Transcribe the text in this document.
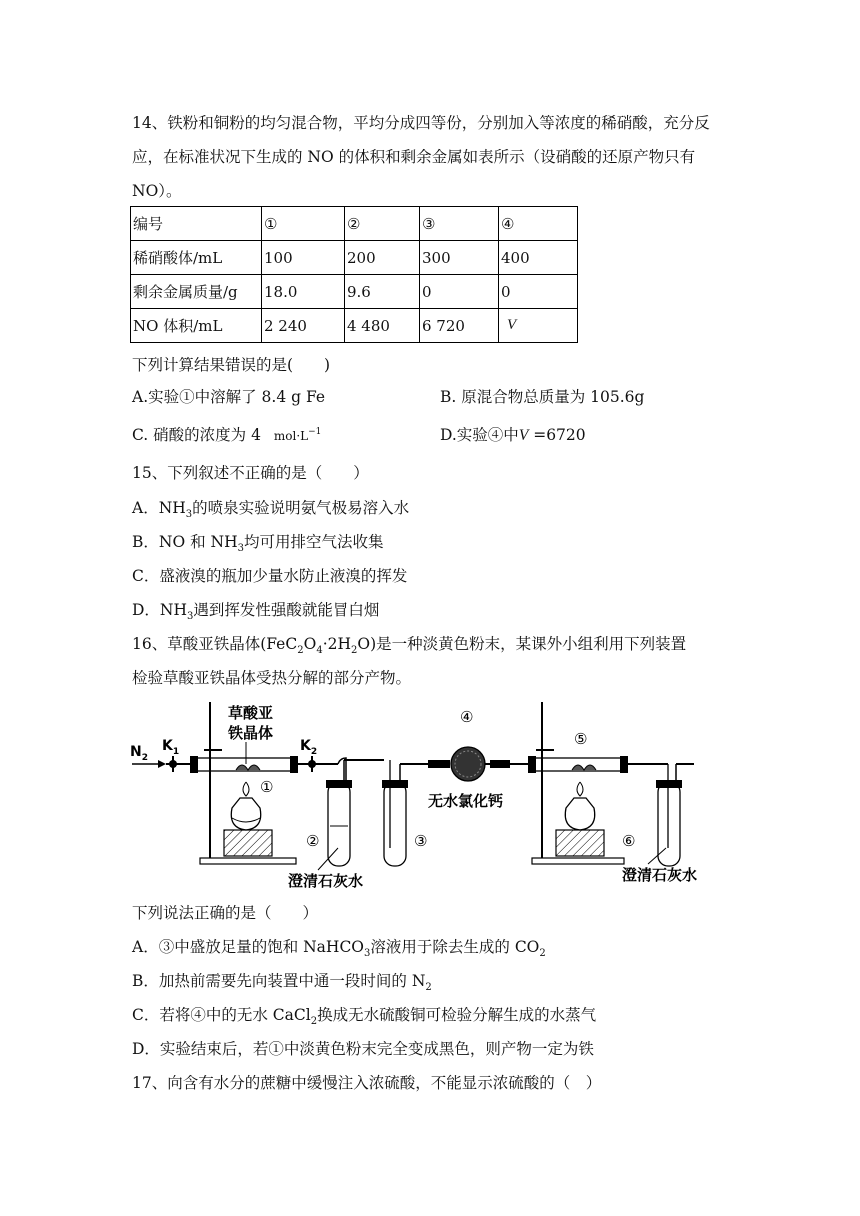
14、铁粉和铜粉的均匀混合物，平均分成四等份，分别加入等浓度的稀硝酸，充分反应，在标准状况下生成的 NO 的体积和剩余金属如表所示（设硝酸的还原产物只有 NO）。
编号	①	②	③	④
稀硝酸体/mL	100	200	300	400
剩余金属质量/g	18.0	9.6	0	0
NO 体积/mL	2 240	4 480	6 720	V
下列计算结果错误的是(　　)
A.实验①中溶解了 8.4 g Fe	B. 原混合物总质量为 105.6g
C. 硝酸的浓度为 4 $mol\cdot L^{-1}$	D.实验④中V =6720
15、下列叙述不正确的是（　　）
A．$NH_3$的喷泉实验说明氨气极易溶入水
B．NO 和 $NH_3$均可用排空气法收集
C．盛液溴的瓶加少量水防止液溴的挥发
D．$NH_3$遇到挥发性强酸就能冒白烟
16、草酸亚铁晶体$(FeC_2O_4\cdot 2H_2O)$是一种淡黄色粉末，某课外小组利用下列装置
检验草酸亚铁晶体受热分解的部分产物。
$N_2$
$K_1$
草酸亚
铁晶体
①
$K_2$
②	③
④
无水氯化钙
⑤
⑥
澄清石灰水	澄清石灰水
下列说法正确的是（　　）
A．③中盛放足量的饱和 NaHCO$_3$溶液用于除去生成的 $CO_2$
B．加热前需要先向装置中通一段时间的 $N_2$
C．若将④中的无水 CaCl$_2$换成无水硫酸铜可检验分解生成的水蒸气
D．实验结束后，若①中淡黄色粉末完全变成黑色，则产物一定为铁
17、向含有水分的蔗糖中缓慢注入浓硫酸，不能显示浓硫酸的（　）
